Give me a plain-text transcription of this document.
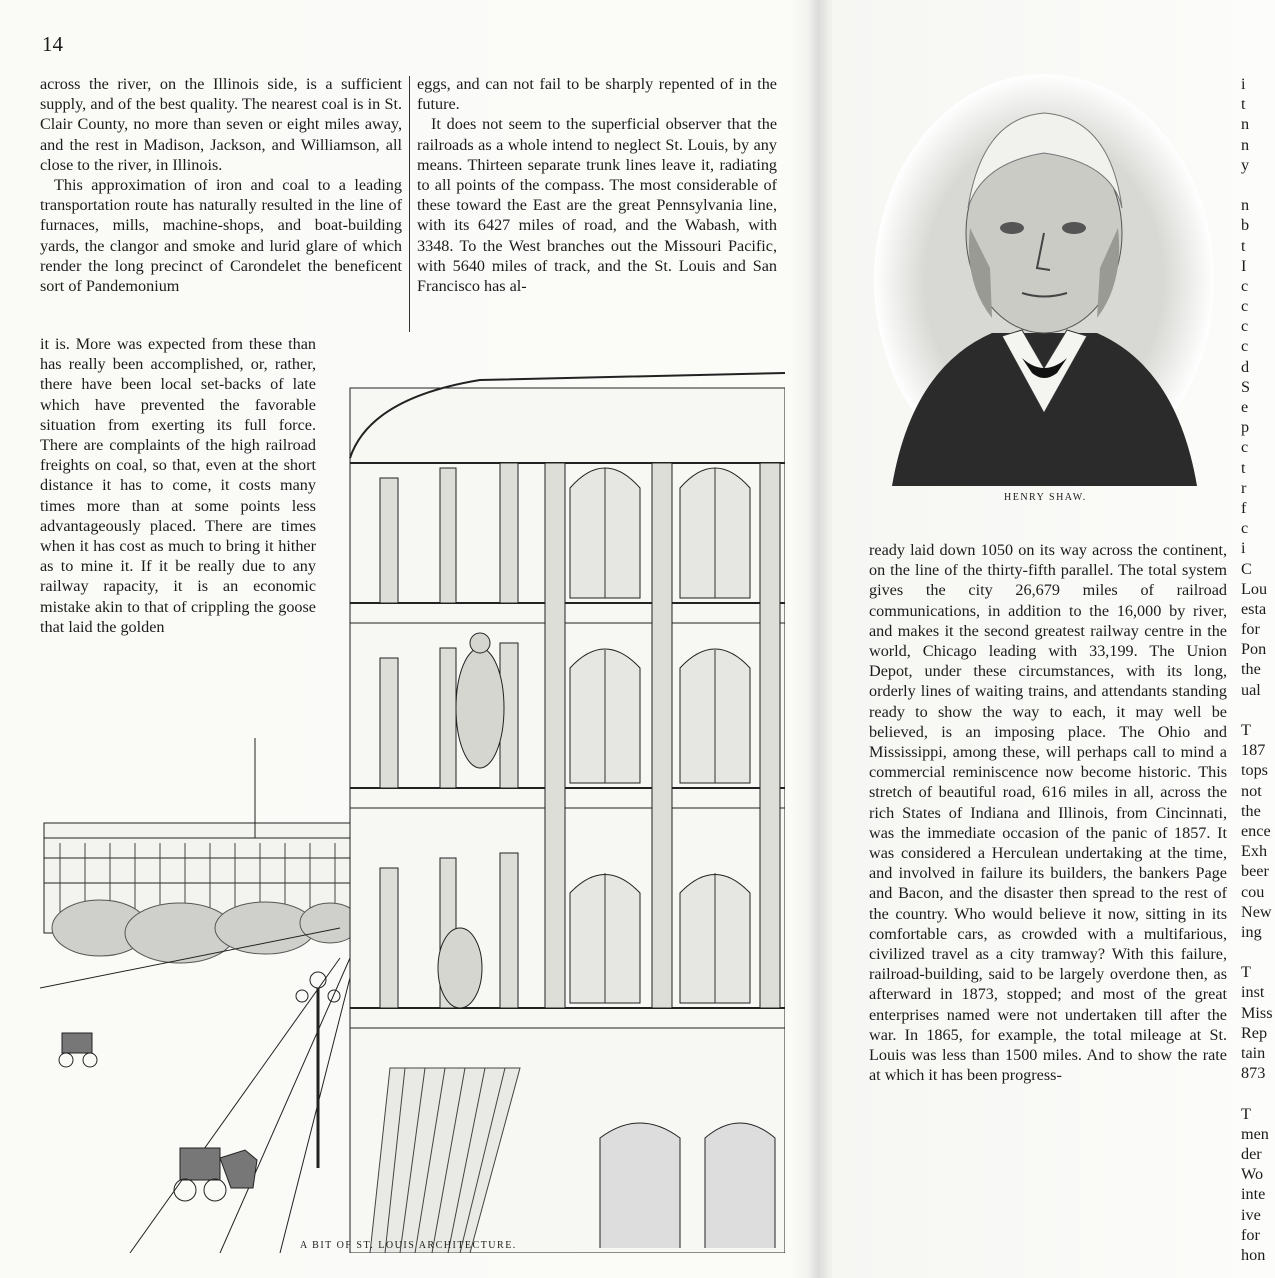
14

across the river, on the Illinois side, is a sufficient supply, and of the best quality. The nearest coal is in St. Clair County, no more than seven or eight miles away, and the rest in Madison, Jackson, and Williamson, all close to the river, in Illinois.

This approximation of iron and coal to a leading transportation route has naturally resulted in the line of furnaces, mills, machine-shops, and boat-building yards, the clangor and smoke and lurid glare of which render the long precinct of Carondelet the beneficent sort of Pandemonium

eggs, and can not fail to be sharply repented of in the future.

It does not seem to the superficial observer that the railroads as a whole intend to neglect St. Louis, by any means. Thirteen separate trunk lines leave it, radiating to all points of the compass. The most considerable of these toward the East are the great Pennsylvania line, with its 6427 miles of road, and the Wabash, with 3348. To the West branches out the Missouri Pacific, with 5640 miles of track, and the St. Louis and San Francisco has al-

it is. More was expected from these than has really been accomplished, or, rather, there have been local set-backs of late which have prevented the favorable situation from exerting its full force. There are complaints of the high railroad freights on coal, so that, even at the short distance it has to come, it costs many times more than at some points less advantageously placed. There are times when it has cost as much to bring it hither as to mine it. If it be really due to any railway rapacity, it is an economic mistake akin to that of crippling the goose that laid the golden

A BIT OF ST. LOUIS ARCHITECTURE.
HENRY SHAW.

ready laid down 1050 on its way across the continent, on the line of the thirty-fifth parallel. The total system gives the city 26,679 miles of railroad communications, in addition to the 16,000 by river, and makes it the second greatest railway centre in the world, Chicago leading with 33,199. The Union Depot, under these circumstances, with its long, orderly lines of waiting trains, and attendants standing ready to show the way to each, it may well be believed, is an imposing place. The Ohio and Mississippi, among these, will perhaps call to mind a commercial reminiscence now become historic. This stretch of beautiful road, 616 miles in all, across the rich States of Indiana and Illinois, from Cincinnati, was the immediate occasion of the panic of 1857. It was considered a Herculean undertaking at the time, and involved in failure its builders, the bankers Page and Bacon, and the disaster then spread to the rest of the country. Who would believe it now, sitting in its comfortable cars, as crowded with a multifarious, civilized travel as a city tramway? With this failure, railroad-building, said to be largely overdone then, as afterward in 1873, stopped; and most of the great enterprises named were not undertaken till after the war. In 1865, for example, the total mileage at St. Louis was less than 1500 miles. And to show the rate at which it has been progress-

i
t
n
n
y
n
b
t
I
c
c
c
c
d
S
e
p
c
t
r
f
c
i
C
Lou
esta
for
Pon
the
ual
T
187
tops
not
the
ence
Exh
beer
cou
New
ing
T
inst
Miss
Rep
tain
873
T
men
der
Wo
inte
ive
for
hon
